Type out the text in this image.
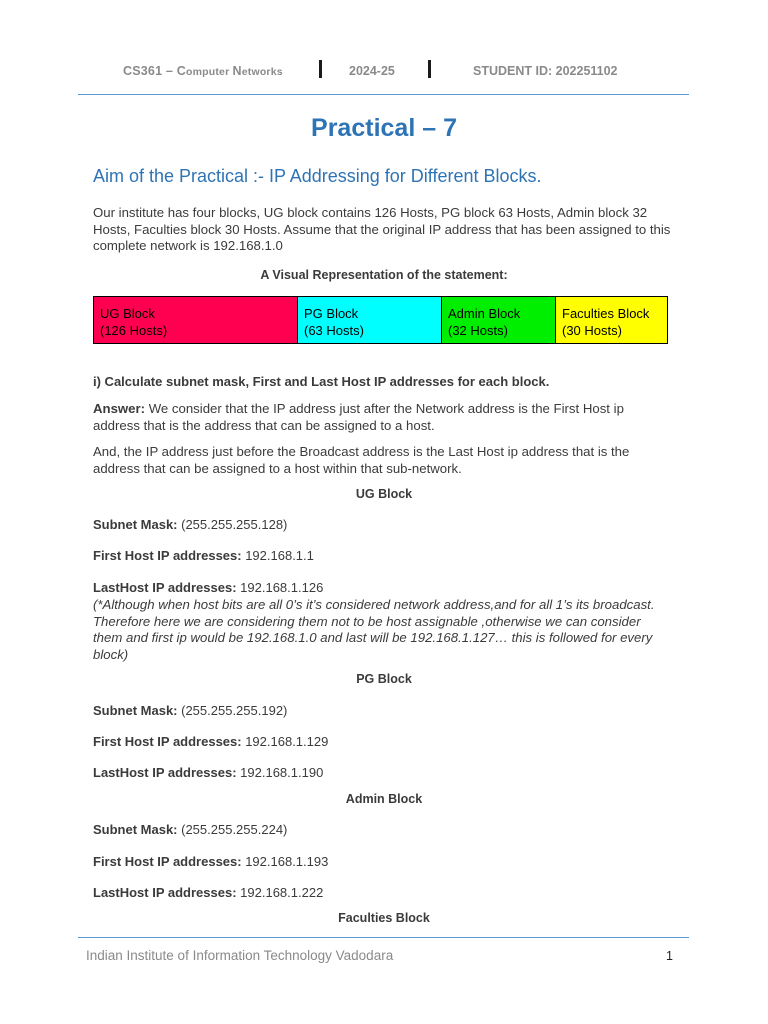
CS361 – Computer Networks	2024-25	STUDENT ID: 202251102
Practical – 7
Aim of the Practical :- IP Addressing for Different Blocks.
Our institute has four blocks, UG block contains 126 Hosts, PG block 63 Hosts, Admin block 32 Hosts, Faculties block 30 Hosts. Assume that the original IP address that has been assigned to this complete network is 192.168.1.0
A Visual Representation of the statement:
UG Block
(126 Hosts)
PG Block
(63 Hosts)
Admin Block
(32 Hosts)
Faculties Block
(30 Hosts)
i) Calculate subnet mask, First and Last Host IP addresses for each block.
Answer: We consider that the IP address just after the Network address is the First Host ip address that is the address that can be assigned to a host.
And, the IP address just before the Broadcast address is the Last Host ip address that is the address that can be assigned to a host within that sub-network.
UG Block
Subnet Mask: (255.255.255.128)
First Host IP addresses: 192.168.1.1
LastHost IP addresses: 192.168.1.126
(*Although when host bits are all 0’s it’s considered network address,and for all 1’s its broadcast. Therefore here we are considering them not to be host assignable ,otherwise we can consider them and first ip would be 192.168.1.0 and last will be 192.168.1.127… this is followed for every block)
PG Block
Subnet Mask: (255.255.255.192)
First Host IP addresses: 192.168.1.129
LastHost IP addresses: 192.168.1.190
Admin Block
Subnet Mask: (255.255.255.224)
First Host IP addresses: 192.168.1.193
LastHost IP addresses: 192.168.1.222
Faculties Block
Indian Institute of Information Technology Vadodara	1
